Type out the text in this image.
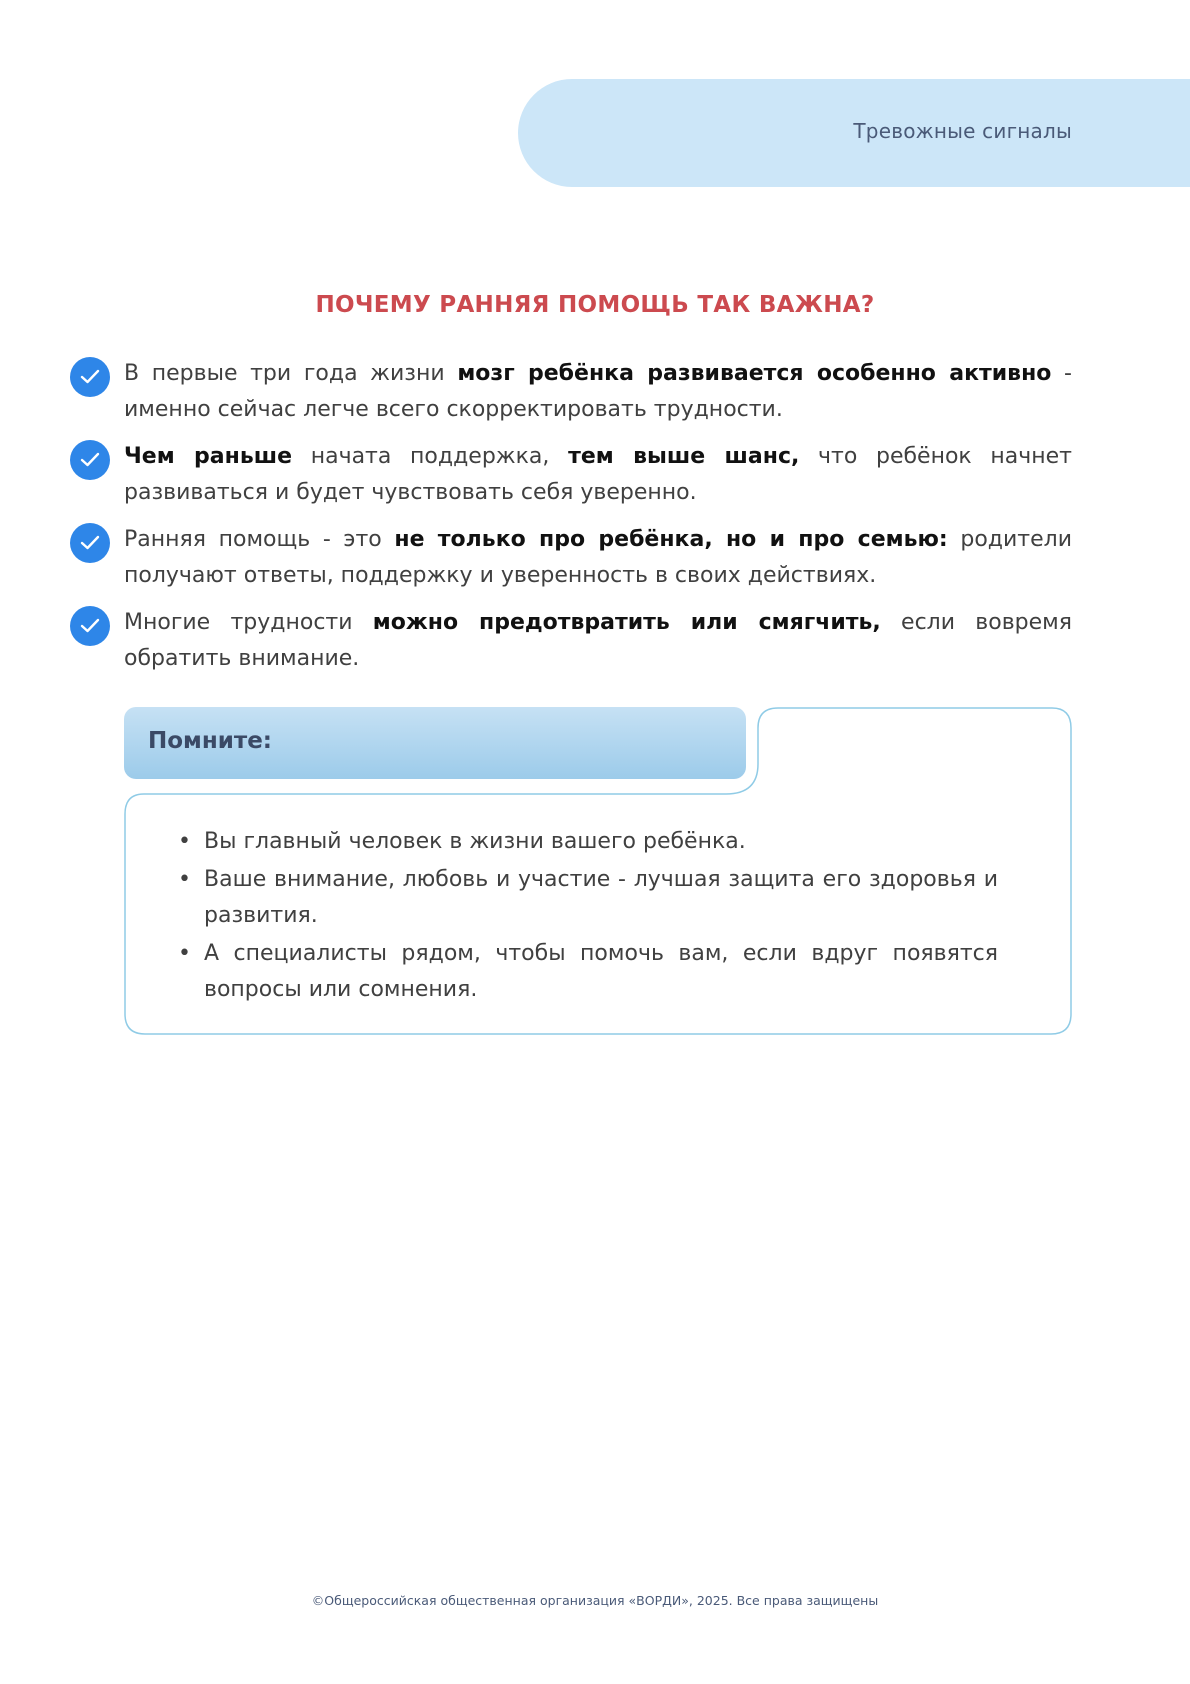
Тревожные сигналы
ПОЧЕМУ РАННЯЯ ПОМОЩЬ ТАК ВАЖНА?
В первые три года жизни мозг ребёнка развивается особенно активно - именно сейчас легче всего скорректировать трудности.
Чем раньше начата поддержка, тем выше шанс, что ребёнок начнет развиваться и будет чувствовать себя уверенно.
Ранняя помощь - это не только про ребёнка, но и про семью: родители получают ответы, поддержку и уверенность в своих действиях.
Многие трудности можно предотвратить или смягчить, если вовремя обратить внимание.
Помните:
• Вы главный человек в жизни вашего ребёнка.
• Ваше внимание, любовь и участие - лучшая защита его здоровья и развития.
• А специалисты рядом, чтобы помочь вам, если вдруг появятся вопросы или сомнения.
©Общероссийская общественная организация «ВОРДИ», 2025. Все права защищены
